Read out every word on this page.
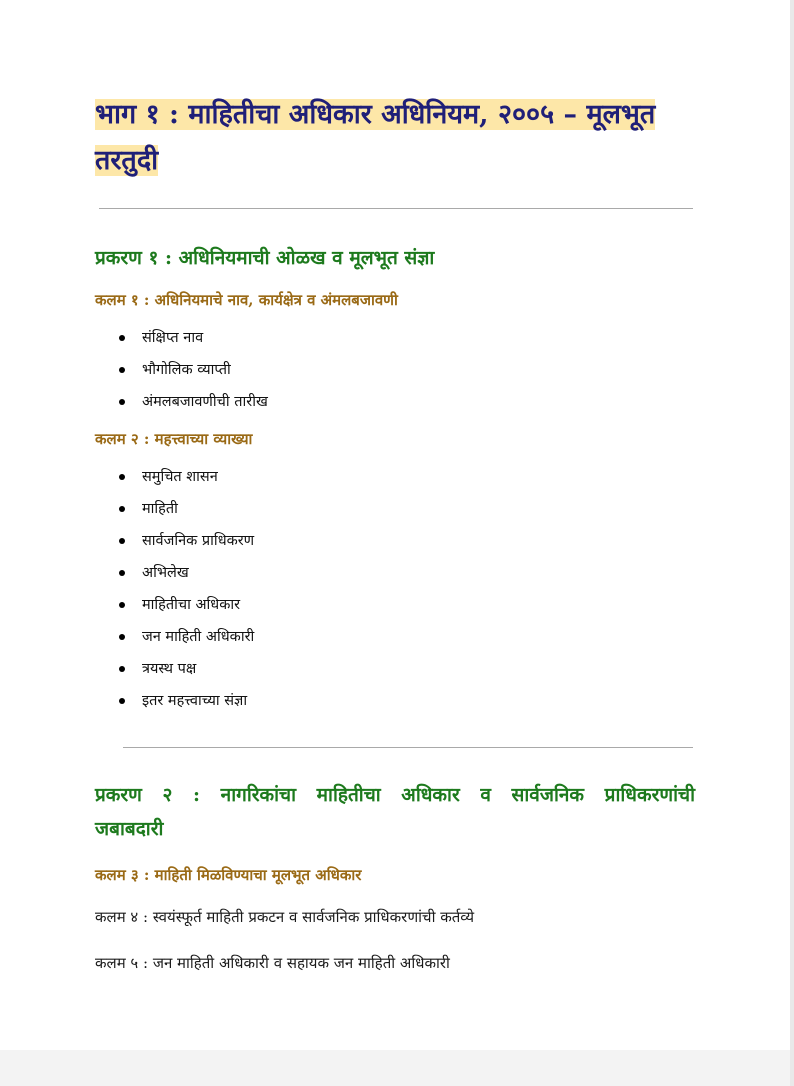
भाग १ : माहितीचा अधिकार अधिनियम, २००५ – मूलभूत तरतुदी
प्रकरण १ : अधिनियमाची ओळख व मूलभूत संज्ञा
कलम १ : अधिनियमाचे नाव, कार्यक्षेत्र व अंमलबजावणी
संक्षिप्त नाव
भौगोलिक व्याप्ती
अंमलबजावणीची तारीख
कलम २ : महत्त्वाच्या व्याख्या
समुचित शासन
माहिती
सार्वजनिक प्राधिकरण
अभिलेख
माहितीचा अधिकार
जन माहिती अधिकारी
त्रयस्थ पक्ष
इतर महत्त्वाच्या संज्ञा
प्रकरण २ : नागरिकांचा माहितीचा अधिकार व सार्वजनिक प्राधिकरणांची जबाबदारी
कलम ३ : माहिती मिळविण्याचा मूलभूत अधिकार

कलम ४ : स्वयंस्फूर्त माहिती प्रकटन व सार्वजनिक प्राधिकरणांची कर्तव्ये

कलम ५ : जन माहिती अधिकारी व सहायक जन माहिती अधिकारी
